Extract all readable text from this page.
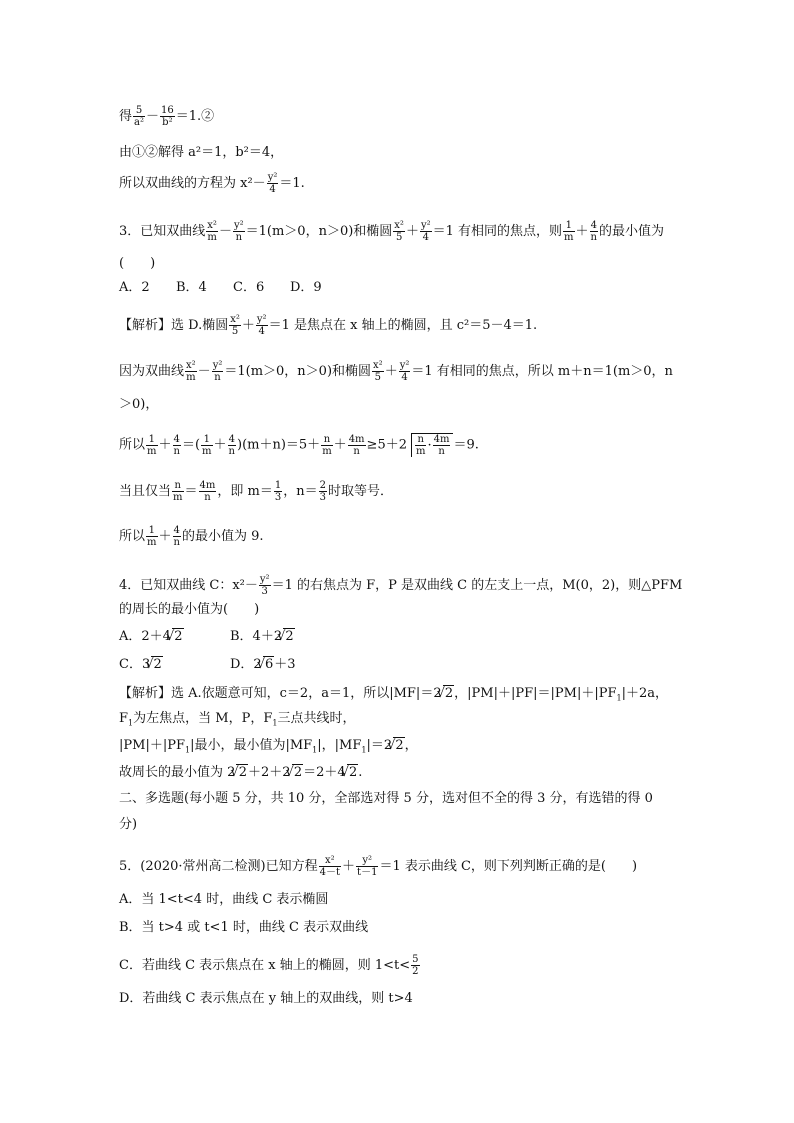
得 $\frac{5}{\text{a²}} - \frac{16}{\text{b²}}$ ＝1.②
由①②解得 a²＝1，b²＝4，
所以双曲线的方程为 $x^2- \frac{\text{y²}}{4} =1$.
3．已知双曲线 $\frac{\text{x²}}{m} - \frac{\text{y²}}{n} =1(m>0$，n＞0)和椭圆 $\frac{\text{x²}}{5} + \frac{\text{y²}}{4} =1$ 有相同的焦点，则 $\frac{1}{m} + \frac{4}{n}$ 的最小值为
(　　)
A．2 B．4 C．6 D．9
【解析】选 D.椭圆 $\frac{\text{x²}}{5} + \frac{\text{y²}}{4} =1$ 是焦点在 x 轴上的椭圆，且 c²＝5－4＝1.
因为双曲线 $\frac{\text{x²}}{m} - \frac{\text{y²}}{n} =1(m>0$，n＞0)和椭圆 $\frac{\text{x²}}{5} + \frac{\text{y²}}{4} =1$ 有相同的焦点，所以 m＋n＝1(m＞0，n
＞0)，
所以 $\frac{1}{m} + \frac{4}{n}$ ＝( $\frac{1}{m} + \frac{4}{n} )(m+n)=5+ \frac{n}{m} + \frac{4m}{n} \ge 5+2 \frac{n}{m} \cdot \frac{4m}{n} =9$.
当且仅当 $\frac{n}{m} = \frac{4m}{n}$ ，即 $m= \frac{1}{3}$ ，$n= \frac{2}{3}$ 时取等号．
所以 $\frac{1}{m} + \frac{4}{n}$ 的最小值为 9.
4．已知双曲线 C：$x^2- \frac{\text{y²}}{3} =1$ 的右焦点为 F，P 是双曲线 C 的左支上一点，M(0，2)，则△PFM
的周长的最小值为(　　)
A．2＋4√ 2	B．4＋2√ 2
C．3√ 2	D．2√ 6＋3
【解析】选 A.依题意可知，c＝2，a＝1，所以|MF|＝2√ 2，$|PM|+|PF|=|PM|+|PF_1|+2a$，
$F_1$为左焦点，当 M，P，$F_1$三点共线时，
$|PM|+|PF_1|$最小，最小值为$|MF_1|$，$|MF_1|=2√$ 2，
故周长的最小值为 2√ 2＋2＋2√ 2＝2＋4√ 2.
二、多选题(每小题 5 分，共 10 分，全部选对得 5 分，选对但不全的得 3 分，有选错的得 0
分)
5．(2020·常州高二检测)已知方程 $\frac{\text{x²}}{4-t} + \frac{\text{y²}}{t-1} =1$ 表示曲线 C，则下列判断正确的是(　　)
A．当 1<t<4 时，曲线 C 表示椭圆
B．当 t>4 或 t<1 时，曲线 C 表示双曲线
C．若曲线 C 表示焦点在 x 轴上的椭圆，则 $1<t< \frac{5}{2}$
D．若曲线 C 表示焦点在 y 轴上的双曲线，则 t>4
